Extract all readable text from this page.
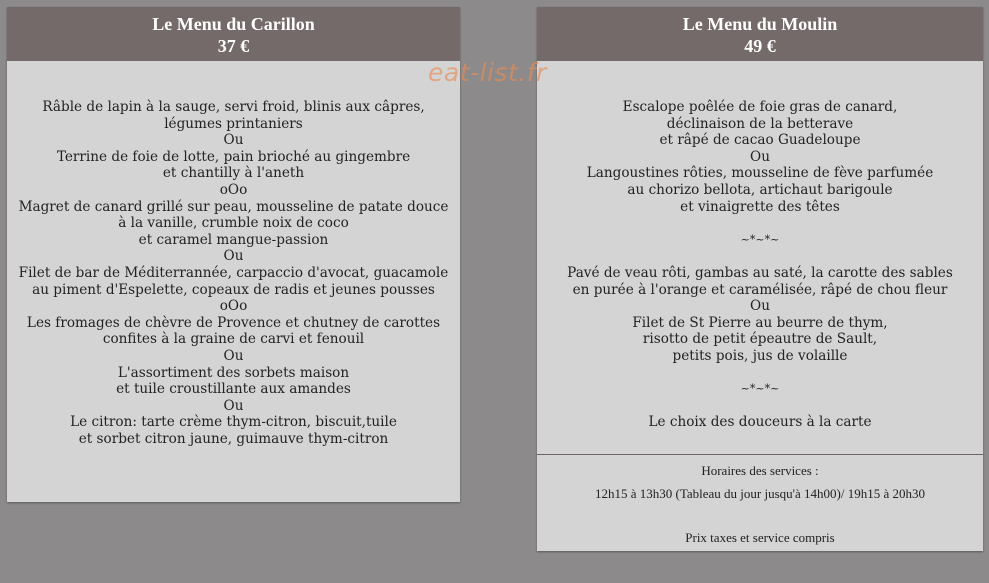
Le Menu du Carillon
37 €
Râble de lapin à la sauge, servi froid, blinis aux câpres,
légumes printaniers
Ou
Terrine de foie de lotte, pain brioché au gingembre
et chantilly à l'aneth
oOo
Magret de canard grillé sur peau, mousseline de patate douce
à la vanille, crumble noix de coco
et caramel mangue-passion
Ou
Filet de bar de Méditerrannée, carpaccio d'avocat, guacamole
au piment d'Espelette, copeaux de radis et jeunes pousses
oOo
Les fromages de chèvre de Provence et chutney de carottes
confites à la graine de carvi et fenouil
Ou
L'assortiment des sorbets maison
et tuile croustillante aux amandes
Ou
Le citron: tarte crème thym-citron, biscuit,tuile
et sorbet citron jaune, guimauve thym-citron
Le Menu du Moulin
49 €
Escalope poêlée de foie gras de canard,
déclinaison de la betterave
et râpé de cacao Guadeloupe
Ou
Langoustines rôties, mousseline de fève parfumée
au chorizo bellota, artichaut barigoule
et vinaigrette des têtes
~*~*~
Pavé de veau rôti, gambas au saté, la carotte des sables
en purée à l'orange et caramélisée, râpé de chou fleur
Ou
Filet de St Pierre au beurre de thym,
risotto de petit épeautre de Sault,
petits pois, jus de volaille
~*~*~
Le choix des douceurs à la carte
Horaires des services :
12h15 à 13h30 (Tableau du jour jusqu'à 14h00)/ 19h15 à 20h30
Prix taxes et service compris
eat-list.fr
